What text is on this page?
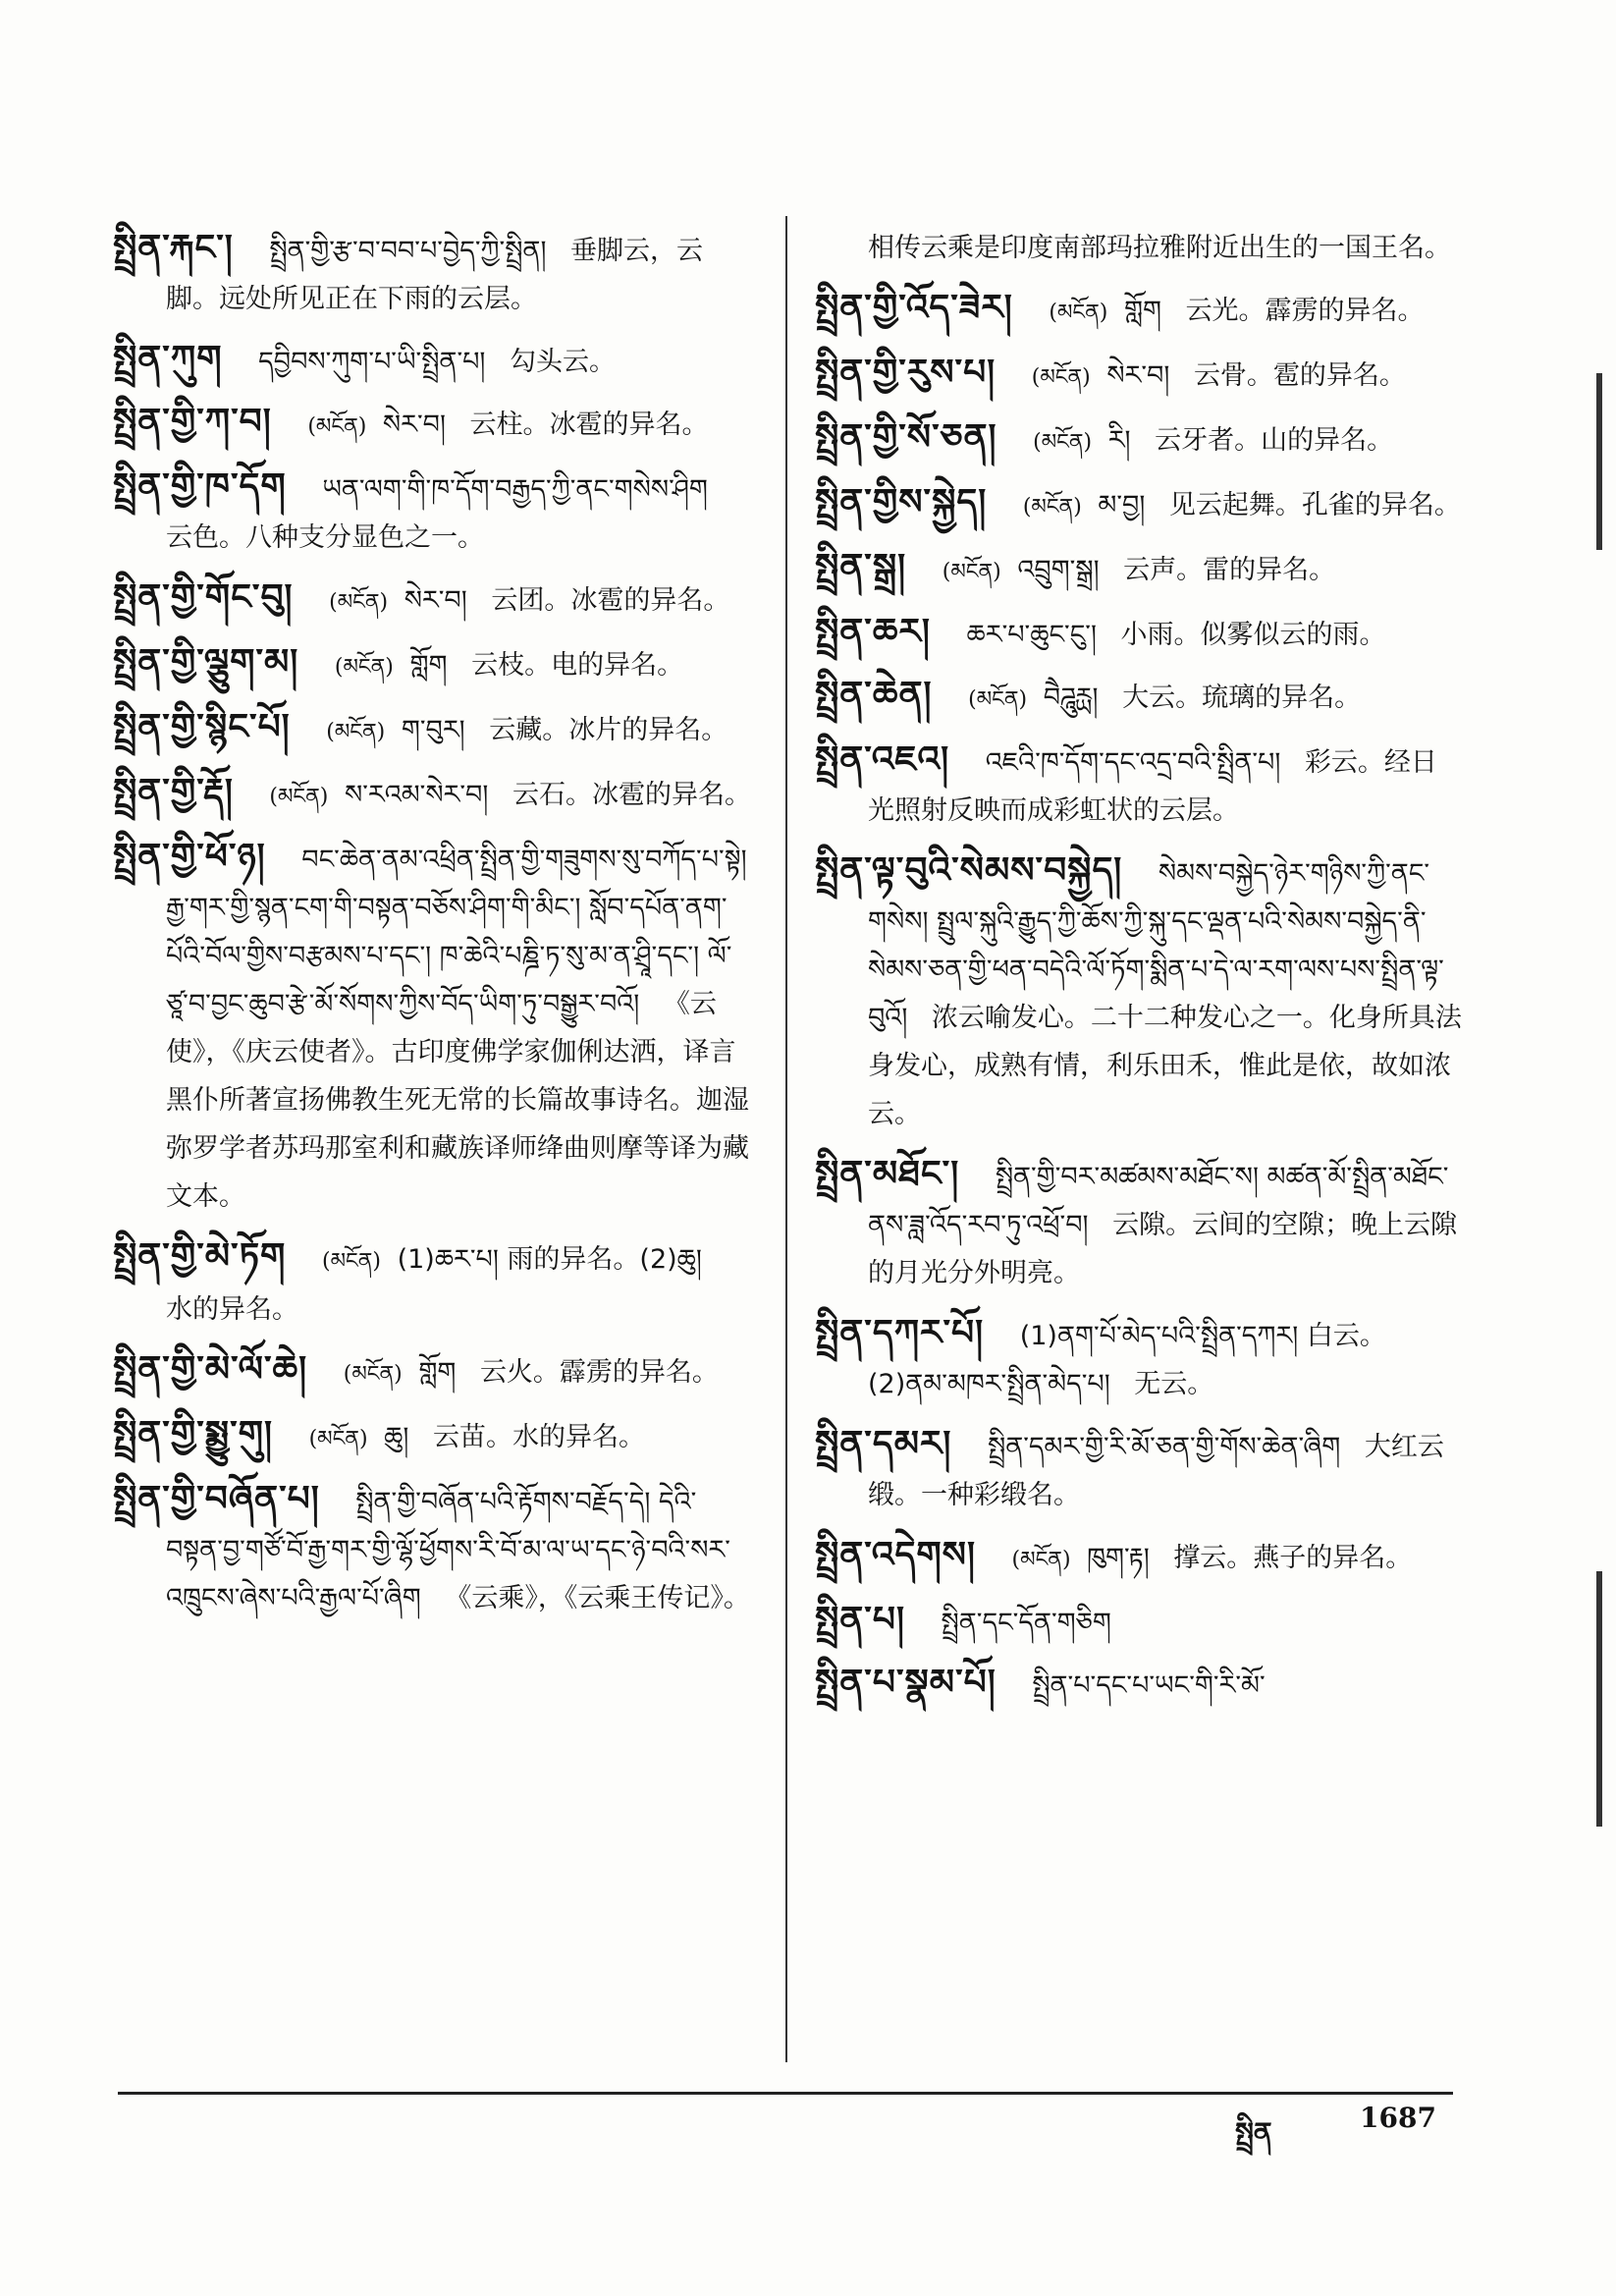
སྤྲིན་རྐང་། སྤྲིན་གྱི་རྩ་བ་བབ་པ་བྱེད་ཀྱི་སྤྲིན། 垂脚云，云脚。远处所见正在下雨的云层。
སྤྲིན་ཀུག དབྱིབས་ཀུག་པ་ཡི་སྤྲིན་པ། 勾头云。
སྤྲིན་གྱི་ཀ་བ། (མངོན) སེར་བ། 云柱。冰雹的异名。
སྤྲིན་གྱི་ཁ་དོག ཡན་ལག་གི་ཁ་དོག་བརྒྱད་ཀྱི་ནང་གསེས་ཤིག 云色。八种支分显色之一。
སྤྲིན་གྱི་གོང་བུ། (མངོན) སེར་བ། 云团。冰雹的异名。
སྤྲིན་གྱི་ལྕུག་མ། (མངོན) གློག 云枝。电的异名。
སྤྲིན་གྱི་སྙིང་པོ། (མངོན) ག་བུར། 云藏。冰片的异名。
སྤྲིན་གྱི་རྡོ། (མངོན) ས་རའམ་སེར་བ། 云石。冰雹的异名。
སྤྲིན་གྱི་ཕོ་ཉ། བང་ཆེན་ནམ་འཕྲིན་སྤྲིན་གྱི་གཟུགས་སུ་བཀོད་པ་སྟེ། རྒྱ་གར་གྱི་སྙན་ངག་གི་བསྟན་བཅོས་ཤིག་གི་མིང་། སློབ་དཔོན་ནག་པོའི་བོལ་གྱིས་བརྩམས་པ་དང་། ཁ་ཆེའི་པཎྜི་ཏ་སུ་མ་ན་ཤྲཱི་དང་། ལོ་ཙཱ་བ་བྱང་ཆུབ་རྩེ་མོ་སོགས་ཀྱིས་བོད་ཡིག་ཏུ་བསྒྱུར་བའོ། 《云使》，《庆云使者》。古印度佛学家伽俐达洒，译言黑仆所著宣扬佛教生死无常的长篇故事诗名。迦湿弥罗学者苏玛那室利和藏族译师绛曲则摩等译为藏文本。
སྤྲིན་གྱི་མེ་ཏོག (མངོན) (1)ཆར་པ། 雨的异名。(2)ཆུ། 水的异名。
སྤྲིན་གྱི་མེ་ལོ་ཆེ། (མངོན) གློག 云火。霹雳的异名。
སྤྲིན་གྱི་སྨྱུ་གུ། (མངོན) ཆུ། 云苗。水的异名。
སྤྲིན་གྱི་བཞོན་པ། སྤྲིན་གྱི་བཞོན་པའི་རྟོགས་བརྗོད་དེ། དེའི་བསྟན་བྱ་གཙོ་བོ་རྒྱ་གར་གྱི་ལྷོ་ཕྱོགས་རི་བོ་མ་ལ་ཡ་དང་ཉེ་བའི་སར་འཁྲུངས་ཞེས་པའི་རྒྱལ་པོ་ཞིག 《云乘》，《云乘王传记》。
相传云乘是印度南部玛拉雅附近出生的一国王名。
སྤྲིན་གྱི་འོད་ཟེར། (མངོན) གློག 云光。霹雳的异名。
སྤྲིན་གྱི་རུས་པ། (མངོན) སེར་བ། 云骨。雹的异名。
སྤྲིན་གྱི་སོ་ཅན། (མངོན) རི། 云牙者。山的异名。
སྤྲིན་གྱིས་སྐྱེད། (མངོན) མ་བྱ། 见云起舞。孔雀的异名。
སྤྲིན་སྒྲ། (མངོན) འབྲུག་སྒྲ། 云声。雷的异名。
སྤྲིན་ཆར། ཆར་པ་ཆུང་ངུ་། 小雨。似雾似云的雨。
སྤྲིན་ཆེན། (མངོན) བཻཌཱུརྻ། 大云。琉璃的异名。
སྤྲིན་འཇའ། འཇའི་ཁ་དོག་དང་འདྲ་བའི་སྤྲིན་པ། 彩云。经日光照射反映而成彩虹状的云层。
སྤྲིན་ལྟ་བུའི་སེམས་བསྐྱེད། སེམས་བསྐྱེད་ཉེར་གཉིས་ཀྱི་ནང་གསེས། སྤྲུལ་སྐུའི་རྒྱུད་ཀྱི་ཆོས་ཀྱི་སྐུ་དང་ལྡན་པའི་སེམས་བསྐྱེད་ནི་སེམས་ཅན་གྱི་ཕན་བདེའི་ལོ་ཏོག་སྨིན་པ་དེ་ལ་རག་ལས་པས་སྤྲིན་ལྟ་བུའོ། 浓云喻发心。二十二种发心之一。化身所具法身发心，成熟有情，利乐田禾，惟此是依，故如浓云。
སྤྲིན་མཐོང་། སྤྲིན་གྱི་བར་མཚམས་མཐོང་ས། མཚན་མོ་སྤྲིན་མཐོང་ནས་ཟླ་འོད་རབ་ཏུ་འཕྲོ་བ། 云隙。云间的空隙；晚上云隙的月光分外明亮。
སྤྲིན་དཀར་པོ། (1)ནག་པོ་མེད་པའི་སྤྲིན་དཀར། 白云。(2)ནམ་མཁར་སྤྲིན་མེད་པ། 无云。
སྤྲིན་དམར། སྤྲིན་དམར་གྱི་རི་མོ་ཅན་གྱི་གོས་ཆེན་ཞིག 大红云缎。一种彩缎名。
སྤྲིན་འདེགས། (མངོན) ཁུག་རྟ། 撑云。燕子的异名。
སྤྲིན་པ། སྤྲིན་དང་དོན་གཅིག
སྤྲིན་པ་སྣམ་པོ། སྤྲིན་པ་དང་པ་ཡང་གི་རི་མོ་
སྤྲིན	1687
